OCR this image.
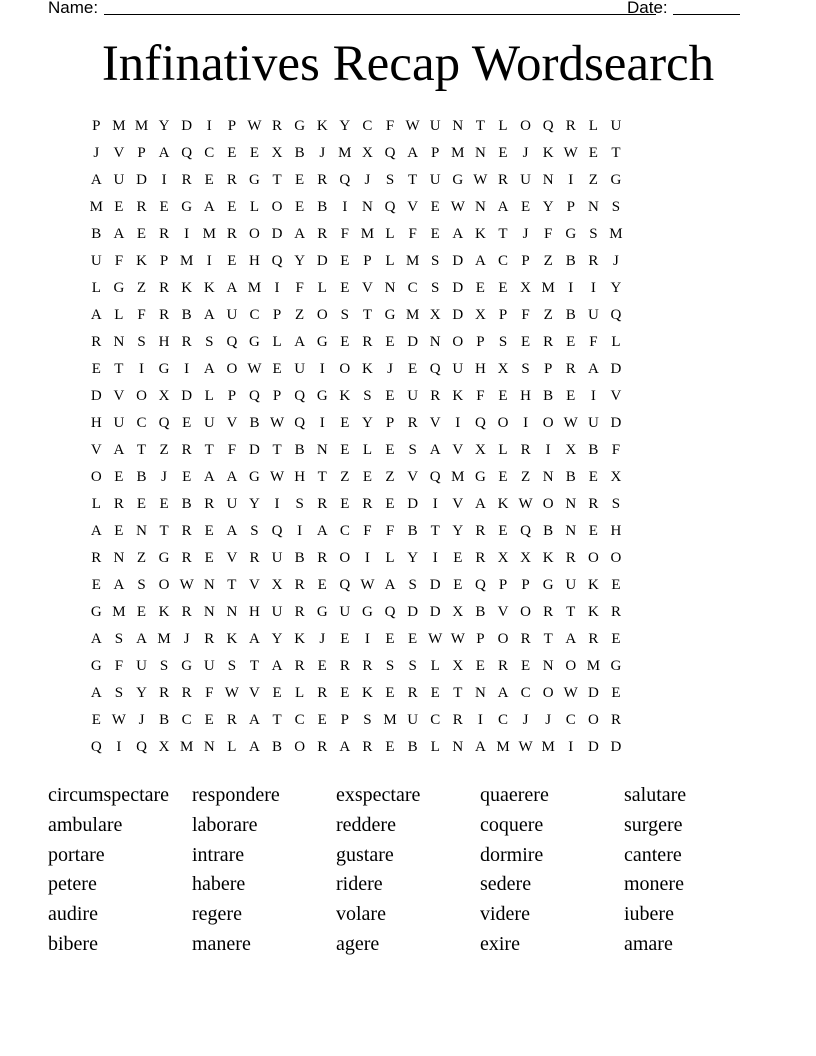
Name:	Date:
Infinatives Recap Wordsearch
P M M Y D I	P W R G K Y C F W U N T L O Q R L U
J V P A Q C E E X B J M X Q A P M N E	J K W E T
A U D I	R E R G T E R Q J	S T U G W R U N I	Z G
M E R E G A E L O E B	I N Q V E W N A E Y P N S
B A E R	I M R O D A R F M L F E A K T	J	F G S M
U F K P M I	E H Q Y D E P L M S D A C P Z B R J
L G Z R K K A M I	F L E V N C S D E E X M I	I Y
A L F R B A U C P Z O S T G M X D X P F Z B U Q
R N S H R S Q G L A G E R E D N O P S E R E F L
E T	I G I A O W E U I O K J	E Q U H X S P R A D
D V O X D L P Q P Q G K S E U R K F E H B E	I V
H U C Q E U V B W Q I	E Y P R V I Q O I O W U D
V A T Z R T F D T B N E L E S A V X L R	I X B F
O E B J	E A A G W H T Z E Z V Q M G E Z N B E X
L R E E B R U Y I	S R E R E D I V A K W O N R S
A E N T R E A S Q I A C F F B T Y R E Q B N E H
R N Z G R E V R U B R O I	L Y I	E R X X K R O O
E A S O W N T V X R E Q W A S D E Q P P G U K E
G M E K R N N H U R G U G Q D D X B V O R T K R
A S A M J R K A Y K J	E	I	E E W W P O R T A R E
G F U S G U S T A R E R R S S L X E R E N O M G
A S Y R R F W V E L R E K E R E T N A C O W D E
E W J B C E R A T C E P S M U C R	I	C J	J C O R
Q I Q X M N L A B O R A R E B L N A M W M I D D
circumspectare	respondere	exspectare	quaerere	salutare
ambulare	laborare	reddere	coquere	surgere
portare	intrare	gustare	dormire	cantere
petere	habere	ridere	sedere	monere
audire	regere	volare	videre	iubere
bibere	manere	agere	exire	amare
